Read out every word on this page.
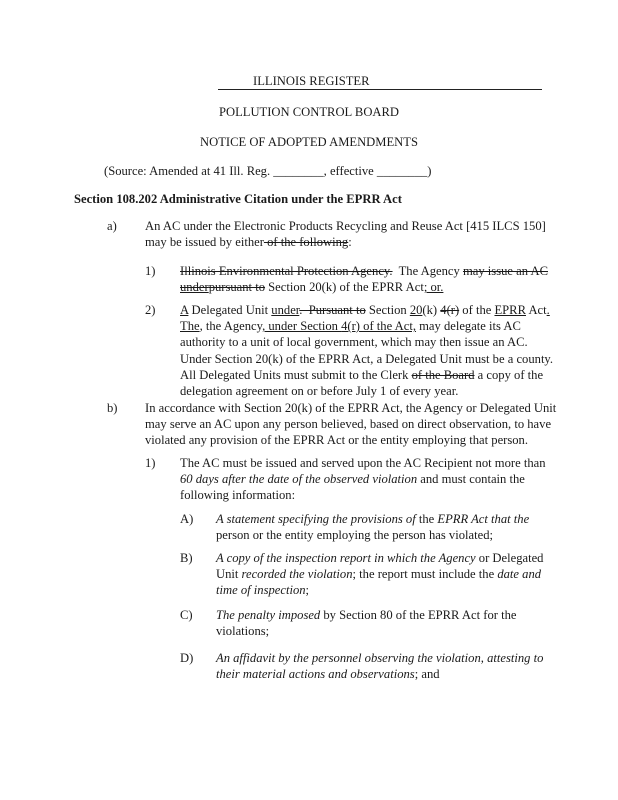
ILLINOIS REGISTER
POLLUTION CONTROL BOARD
NOTICE OF ADOPTED AMENDMENTS
(Source: Amended at 41 Ill. Reg. ________, effective ________)
Section 108.202 Administrative Citation under the EPRR Act
a) An AC under the Electronic Products Recycling and Reuse Act [415 ILCS 150]
may be issued by either of the following:
1) Illinois Environmental Protection Agency.  The Agency may issue an AC
underpursuant to Section 20(k) of the EPRR Act; or.
2) A Delegated Unit under.  Pursuant to Section 20(k) 4(r) of the EPRR Act.
The, the Agency, under Section 4(r) of the Act, may delegate its AC
authority to a unit of local government, which may then issue an AC.
Under Section 20(k) of the EPRR Act, a Delegated Unit must be a county.
All Delegated Units must submit to the Clerk of the Board a copy of the
delegation agreement on or before July 1 of every year.
b) In accordance with Section 20(k) of the EPRR Act, the Agency or Delegated Unit
may serve an AC upon any person believed, based on direct observation, to have
violated any provision of the EPRR Act or the entity employing that person.
1) The AC must be issued and served upon the AC Recipient not more than
60 days after the date of the observed violation and must contain the
following information:
A) A statement specifying the provisions of the EPRR Act that the
person or the entity employing the person has violated;
B) A copy of the inspection report in which the Agency or Delegated
Unit recorded the violation; the report must include the date and
time of inspection;
C) The penalty imposed by Section 80 of the EPRR Act for the
violations;
D) An affidavit by the personnel observing the violation, attesting to
their material actions and observations; and
